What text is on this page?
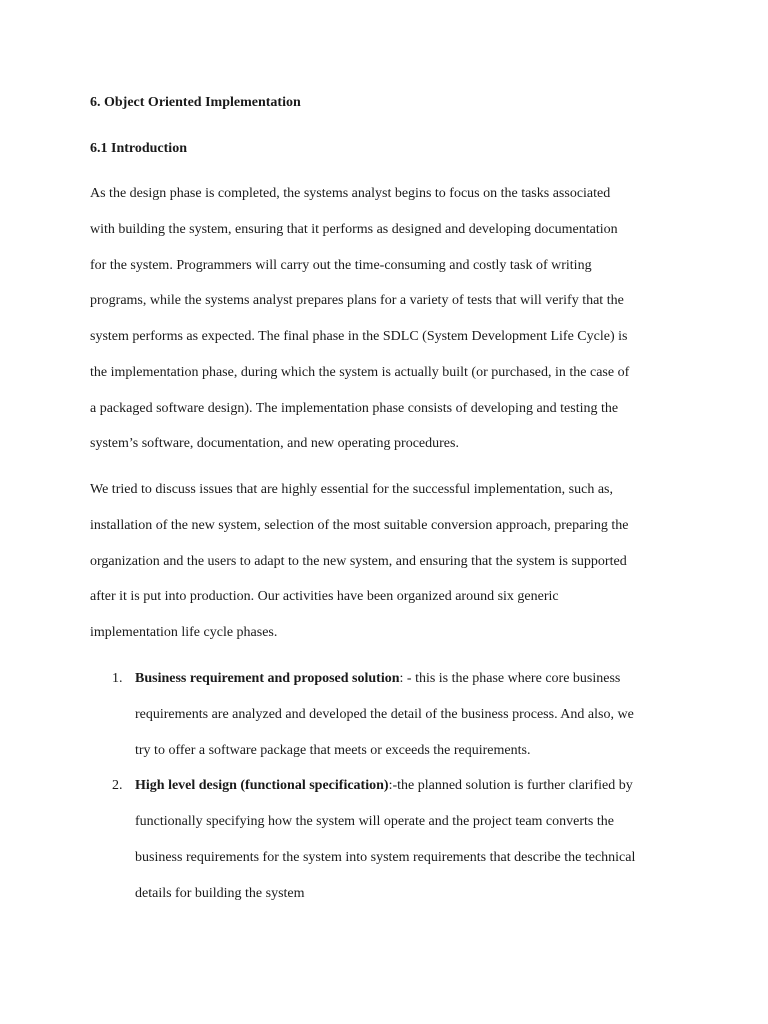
6. Object Oriented Implementation
6.1 Introduction

As the design phase is completed, the systems analyst begins to focus on the tasks associated

with building the system, ensuring that it performs as designed and developing documentation

for the system. Programmers will carry out the time-consuming and costly task of writing

programs, while the systems analyst prepares plans for a variety of tests that will verify that the

system performs as expected. The final phase in the SDLC (System Development Life Cycle) is

the implementation phase, during which the system is actually built (or purchased, in the case of

a packaged software design). The implementation phase consists of developing and testing the

system’s software, documentation, and new operating procedures.

We tried to discuss issues that are highly essential for the successful implementation, such as,

installation of the new system, selection of the most suitable conversion approach, preparing the

organization and the users to adapt to the new system, and ensuring that the system is supported

after it is put into production. Our activities have been organized around six generic

implementation life cycle phases.

1. Business requirement and proposed solution: - this is the phase where core business
requirements are analyzed and developed the detail of the business process. And also, we
try to offer a software package that meets or exceeds the requirements.
2. High level design (functional specification):-the planned solution is further clarified by
functionally specifying how the system will operate and the project team converts the
business requirements for the system into system requirements that describe the technical
details for building the system
